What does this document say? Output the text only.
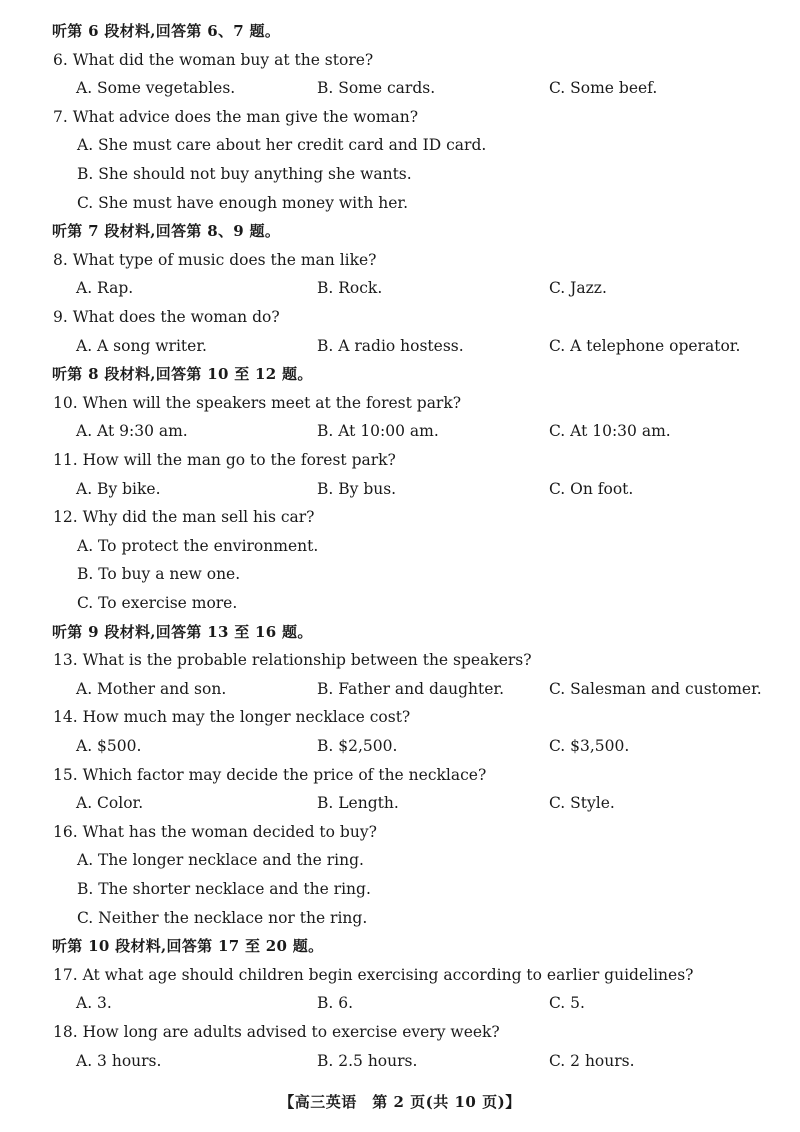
听第 6 段材料,回答第 6、7 题。
6. What did the woman buy at the store?
A. Some vegetables.	B. Some cards.	C. Some beef.
7. What advice does the man give the woman?
A. She must care about her credit card and ID card.
B. She should not buy anything she wants.
C. She must have enough money with her.
听第 7 段材料,回答第 8、9 题。
8. What type of music does the man like?
A. Rap.	B. Rock.	C. Jazz.
9. What does the woman do?
A. A song writer.	B. A radio hostess.	C. A telephone operator.
听第 8 段材料,回答第 10 至 12 题。
10. When will the speakers meet at the forest park?
A. At 9:30 am.	B. At 10:00 am.	C. At 10:30 am.
11. How will the man go to the forest park?
A. By bike.	B. By bus.	C. On foot.
12. Why did the man sell his car?
A. To protect the environment.
B. To buy a new one.
C. To exercise more.
听第 9 段材料,回答第 13 至 16 题。
13. What is the probable relationship between the speakers?
A. Mother and son.	B. Father and daughter.	C. Salesman and customer.
14. How much may the longer necklace cost?
A. $500.	B. $2,500.	C. $3,500.
15. Which factor may decide the price of the necklace?
A. Color.	B. Length.	C. Style.
16. What has the woman decided to buy?
A. The longer necklace and the ring.
B. The shorter necklace and the ring.
C. Neither the necklace nor the ring.
听第 10 段材料,回答第 17 至 20 题。
17. At what age should children begin exercising according to earlier guidelines?
A. 3.	B. 6.	C. 5.
18. How long are adults advised to exercise every week?
A. 3 hours.	B. 2.5 hours.	C. 2 hours.
【高三英语　第 2 页(共 10 页)】
